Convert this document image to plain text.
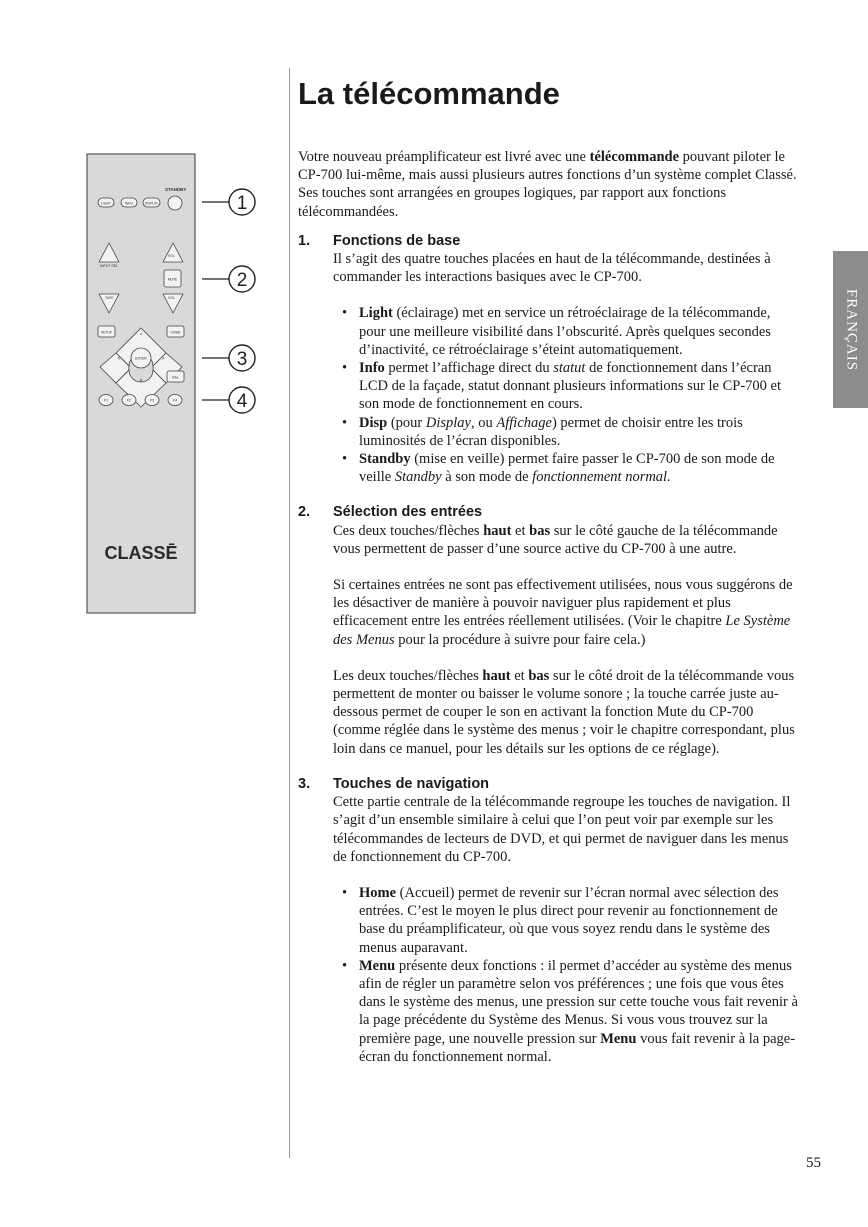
La télécommande

Votre nouveau préamplificateur est livré avec une télécommande pouvant piloter le CP-700 lui-même, mais aussi plusieurs autres fonctions d’un système complet Classé. Ses touches sont arrangées en groupes logiques, par rapport aux fonctions télécommandées.

1. Fonctions de base

Il s’agit des quatre touches placées en haut de la télécommande, destinées à commander les interactions basiques avec le CP-700.

• Light (éclairage) met en service un rétroéclairage de la télécommande, pour une meilleure visibilité dans l’obscurité. Après quelques secondes d’inactivité, ce rétroéclairage s’éteint automatiquement.
• Info permet l’affichage direct du statut de fonctionnement dans l’écran LCD de la façade, statut donnant plusieurs informations sur le CP-700 et son mode de fonctionnement en cours.
• Disp (pour Display, ou Affichage) permet de choisir entre les trois luminosités de l’écran disponibles.
• Standby (mise en veille) permet faire passer le CP-700 de son mode de veille Standby à son mode de fonctionnement normal.
2. Sélection des entrées

Ces deux touches/flèches haut et bas sur le côté gauche de la télécommande vous permettent de passer d’une source active du CP-700 à une autre.

Si certaines entrées ne sont pas effectivement utilisées, nous vous suggérons de les désactiver de manière à pouvoir naviguer plus rapidement et plus efficacement entre les entrées réellement utilisées. (Voir le chapitre Le Système des Menus pour la procédure à suivre pour faire cela.)

Les deux touches/flèches haut et bas sur le côté droit de la télécommande vous permettent de monter ou baisser le volume sonore ; la touche carrée juste au-dessous permet de couper le son en activant la fonction Mute du CP-700 (comme réglée dans le système des menus ; voir le chapitre correspondant, plus loin dans ce manuel, pour les détails sur les options de ce réglage).

3. Touches de navigation

Cette partie centrale de la télécommande regroupe les touches de navigation. Il s’agit d’un ensemble similaire à celui que l’on peut voir par exemple sur les télécommandes de lecteurs de DVD, et qui permet de naviguer dans les menus de fonctionnement du CP-700.

• Home (Accueil) permet de revenir sur l’écran normal avec sélection des entrées. C’est le moyen le plus direct pour revenir au fonctionnement de base du préamplificateur, où que vous soyez rendu dans le système des menus auparavant.
• Menu présente deux fonctions : il permet d’accéder au système des menus afin de régler un paramètre selon vos préférences ; une fois que vous êtes dans le système des menus, une pression sur cette touche vous fait revenir à la page précédente du Système des Menus. Si vous vous trouvez sur la première page, une nouvelle pression sur Menu vous fait revenir à la page-écran du fonctionnement normal.
FRANÇAIS
55
STANDBY
LIGHT	INFO	DISPLAY
INPUT SEL
VOL
MUTE
VOL
TAPE
SETUP	HOME
ENTER
^
<	>
v
BAL
F1	F2	F3	F4
CLASSĒ
1
2
3
4
